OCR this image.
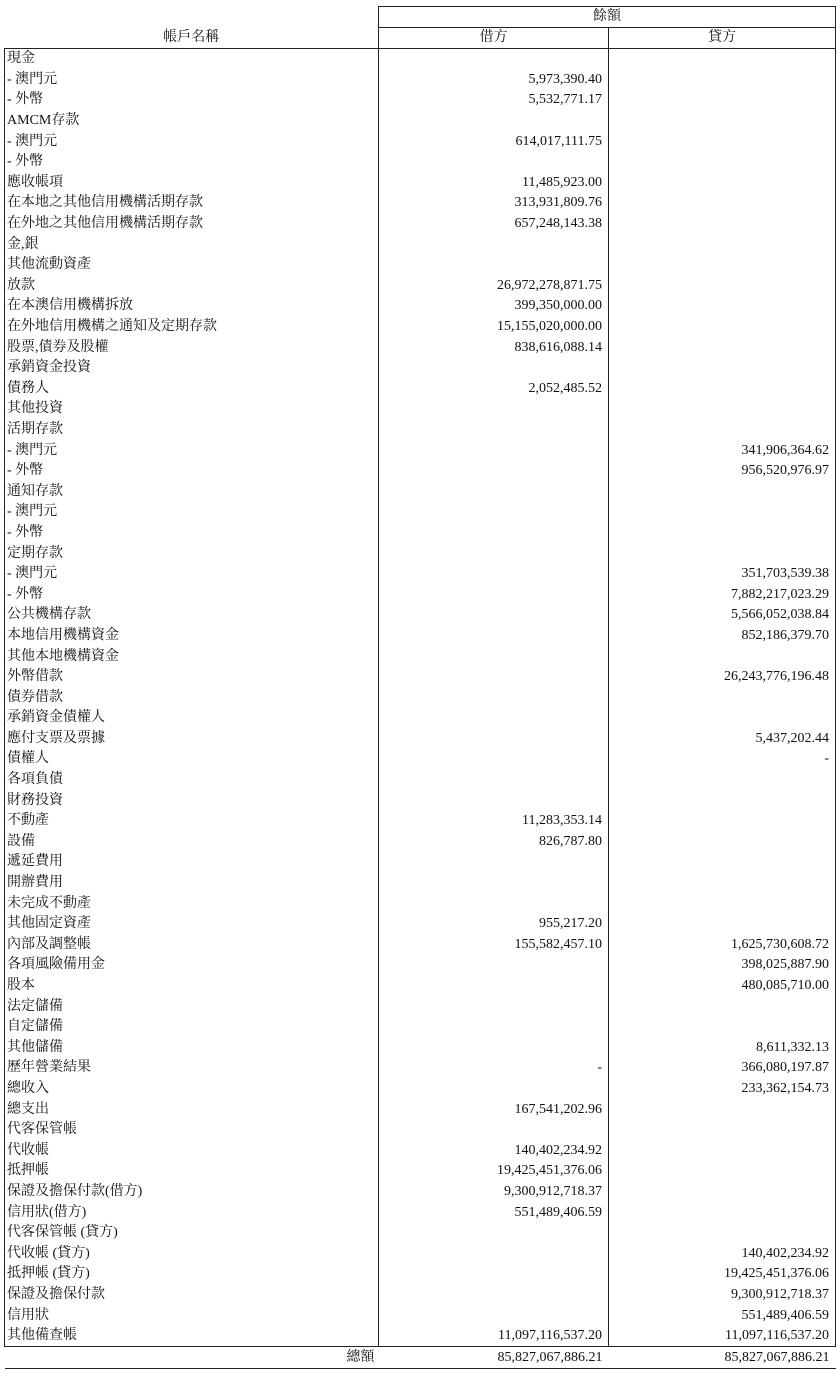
	餘額	
帳戶名稱	借方	貸方
現金		
- 澳門元	5,973,390.40	
- 外幣	5,532,771.17	
AMCM存款		
- 澳門元	614,017,111.75	
- 外幣		
應收帳項	11,485,923.00	
在本地之其他信用機構活期存款	313,931,809.76	
在外地之其他信用機構活期存款	657,248,143.38	
金,銀		
其他流動資產		
放款	26,972,278,871.75	
在本澳信用機構拆放	399,350,000.00	
在外地信用機構之通知及定期存款	15,155,020,000.00	
股票,債券及股權	838,616,088.14	
承銷資金投資		
債務人	2,052,485.52	
其他投資		
活期存款		
- 澳門元		341,906,364.62
- 外幣		956,520,976.97
通知存款		
- 澳門元		
- 外幣		
定期存款		
- 澳門元		351,703,539.38
- 外幣		7,882,217,023.29
公共機構存款		5,566,052,038.84
本地信用機構資金		852,186,379.70
其他本地機構資金		
外幣借款		26,243,776,196.48
債券借款		
承銷資金債權人		
應付支票及票據		5,437,202.44
債權人		-
各項負債		
財務投資		
不動產	11,283,353.14	
設備	826,787.80	
遞延費用		
開辦費用		
未完成不動產		
其他固定資產	955,217.20	
內部及調整帳	155,582,457.10	1,625,730,608.72
各項風險備用金		398,025,887.90
股本		480,085,710.00
法定儲備		
自定儲備		
其他儲備		8,611,332.13
歷年營業結果	-	366,080,197.87
總收入		233,362,154.73
總支出	167,541,202.96	
代客保管帳		
代收帳	140,402,234.92	
抵押帳	19,425,451,376.06	
保證及擔保付款(借方)	9,300,912,718.37	
信用狀(借方)	551,489,406.59	
代客保管帳 (貸方)		
代收帳 (貸方)		140,402,234.92
抵押帳 (貸方)		19,425,451,376.06
保證及擔保付款		9,300,912,718.37
信用狀		551,489,406.59
其他備查帳	11,097,116,537.20	11,097,116,537.20
總額	85,827,067,886.21	85,827,067,886.21
